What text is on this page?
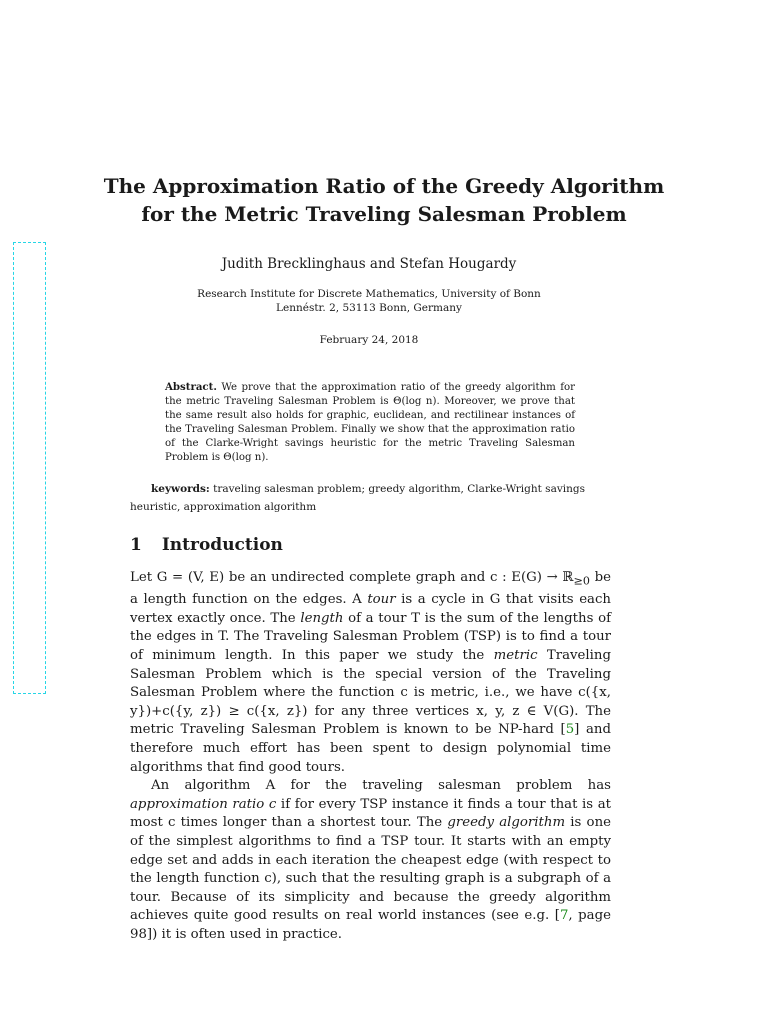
The Approximation Ratio of the Greedy Algorithm
for the Metric Traveling Salesman Problem
Judith Brecklinghaus and Stefan Hougardy
Research Institute for Discrete Mathematics, University of Bonn
Lennéstr. 2, 53113 Bonn, Germany
February 24, 2018
Abstract. We prove that the approximation ratio of the greedy algorithm for the metric Traveling Salesman Problem is Θ(log n). Moreover, we prove that the same result also holds for graphic, euclidean, and rectilinear instances of the Traveling Salesman Problem. Finally we show that the approximation ratio of the Clarke-Wright savings heuristic for the metric Traveling Salesman Problem is Θ(log n).
keywords: traveling salesman problem; greedy algorithm, Clarke-Wright savings heuristic, approximation algorithm
1 Introduction

Let G = (V, E) be an undirected complete graph and c : E(G) → ℝ$_{\ge 0}$ be a length function on the edges. A tour is a cycle in G that visits each vertex exactly once. The length of a tour T is the sum of the lengths of the edges in T. The Traveling Salesman Problem (TSP) is to find a tour of minimum length. In this paper we study the metric Traveling Salesman Problem which is the special version of the Traveling Salesman Problem where the function c is metric, i.e., we have c({x, y})+c({y, z}) ≥ c({x, z}) for any three vertices x, y, z ∈ V(G). The metric Traveling Salesman Problem is known to be NP-hard [5] and therefore much effort has been spent to design polynomial time algorithms that find good tours.

An algorithm A for the traveling salesman problem has approximation ratio c if for every TSP instance it finds a tour that is at most c times longer than a shortest tour. The greedy algorithm is one of the simplest algorithms to find a TSP tour. It starts with an empty edge set and adds in each iteration the cheapest edge (with respect to the length function c), such that the resulting graph is a subgraph of a tour. Because of its simplicity and because the greedy algorithm achieves quite good results on real world instances (see e.g. [7, page 98]) it is often used in practice.
